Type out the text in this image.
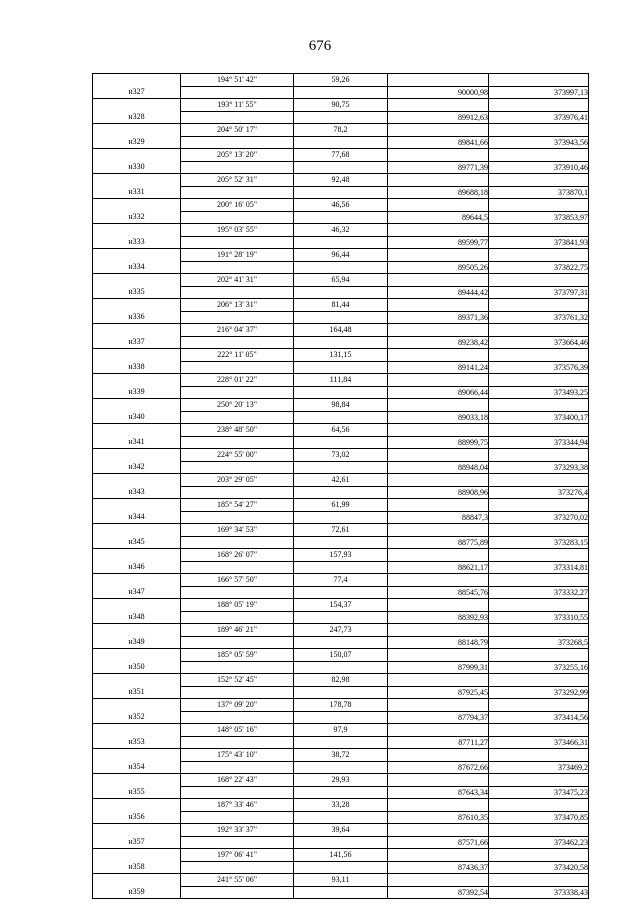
676
	194° 51' 42"	59,26		
н327			90000,98	373997,13
	193° 11' 55"	90,75		
н328			89912,63	373976,41
	204° 50' 17"	78,2		
н329			89841,66	373943,56
	205° 13' 20"	77,68		
н330			89771,39	373910,46
	205° 52' 31"	92,48		
н331			89688,18	373870,1
	200° 16' 05"	46,56		
н332			89644,5	373853,97
	195° 03' 55"	46,32		
н333			89599,77	373841,93
	191° 28' 19"	96,44		
н334			89505,26	373822,75
	202° 41' 31"	65,94		
н335			89444,42	373797,31
	206° 13' 31"	81,44		
н336			89371,36	373761,32
	216° 04' 37"	164,48		
н337			89238,42	373664,46
	222° 11' 05"	131,15		
н338			89141,24	373576,39
	228° 01' 22"	111,84		
н339			89066,44	373493,25
	250° 20' 13"	98,84		
н340			89033,18	373400,17
	238° 48' 50"	64,56		
н341			88999,75	373344,94
	224° 55' 00"	73,02		
н342			88948,04	373293,38
	203° 29' 05"	42,61		
н343			88908,96	373276,4
	185° 54' 27"	61,99		
н344			88847,3	373270,02
	169° 34' 53"	72,61		
н345			88775,89	373283,15
	168° 26' 07"	157,93		
н346			88621,17	373314,81
	166° 57' 50"	77,4		
н347			88545,76	373332,27
	188° 05' 19"	154,37		
н348			88392,93	373310,55
	189° 46' 21"	247,73		
н349			88148,79	373268,5
	185° 05' 59"	150,07		
н350			87999,31	373255,16
	152° 52' 45"	82,98		
н351			87925,45	373292,99
	137° 09' 20"	178,78		
н352			87794,37	373414,56
	148° 05' 16"	97,9		
н353			87711,27	373466,31
	175° 43' 10"	38,72		
н354			87672,66	373469,2
	168° 22' 43"	29,93		
н355			87643,34	373475,23
	187° 33' 46"	33,28		
н356			87610,35	373470,85
	192° 33' 37"	39,64		
н357			87571,66	373462,23
	197° 06' 41"	141,56		
н358			87436,37	373420,58
	241° 55' 06"	93,11		
н359			87392,54	373338,43
